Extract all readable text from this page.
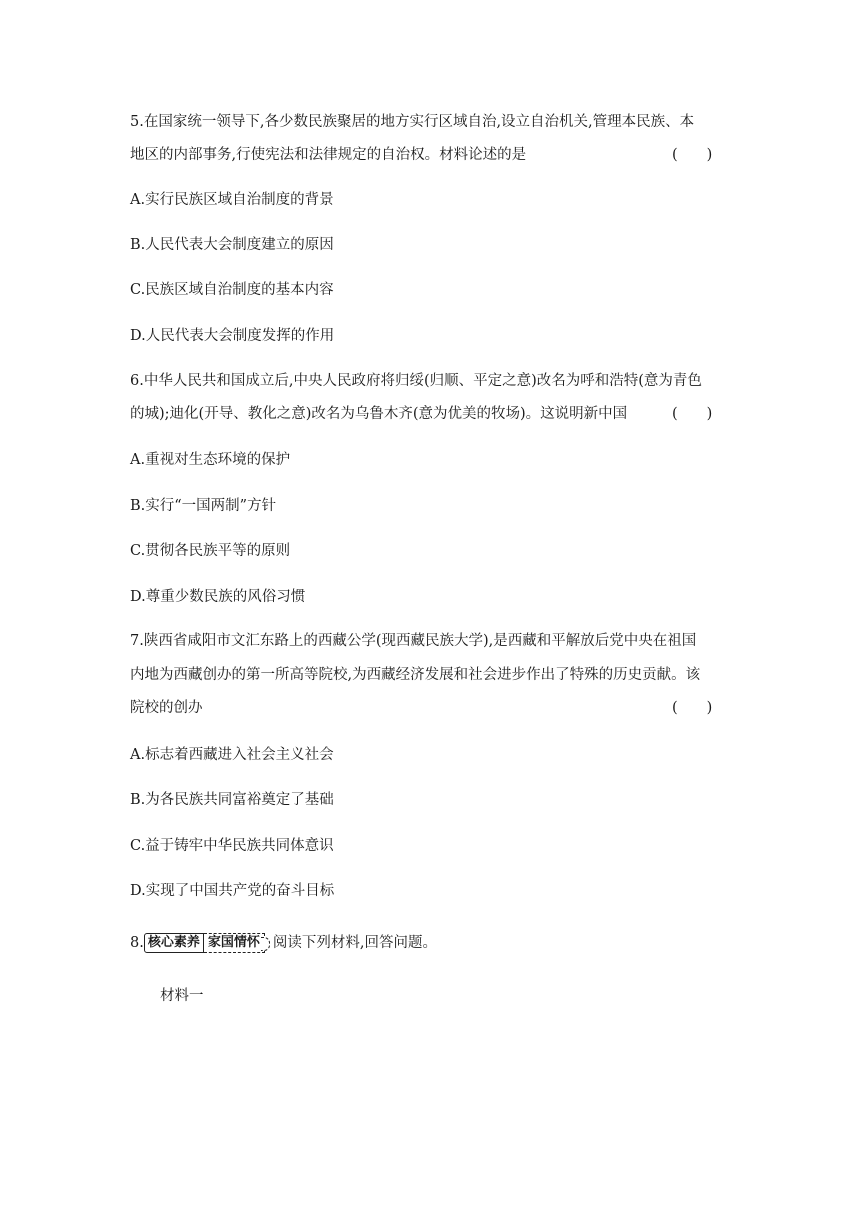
5.在国家统一领导下,各少数民族聚居的地方实行区域自治,设立自治机关,管理本民族、本
地区的内部事务,行使宪法和法律规定的自治权。材料论述的是	(　　)
A.实行民族区域自治制度的背景
B.人民代表大会制度建立的原因
C.民族区域自治制度的基本内容
D.人民代表大会制度发挥的作用
6.中华人民共和国成立后,中央人民政府将归绥(归顺、平定之意)改名为呼和浩特(意为青色
的城);迪化(开导、教化之意)改名为乌鲁木齐(意为优美的牧场)。这说明新中国	(　　)
A.重视对生态环境的保护
B.实行“一国两制”方针
C.贯彻各民族平等的原则
D.尊重少数民族的风俗习惯
7.陕西省咸阳市文汇东路上的西藏公学(现西藏民族大学),是西藏和平解放后党中央在祖国
内地为西藏创办的第一所高等院校,为西藏经济发展和社会进步作出了特殊的历史贡献。该
院校的创办	(　　)
A.标志着西藏进入社会主义社会
B.为各民族共同富裕奠定了基础
C.益于铸牢中华民族共同体意识
D.实现了中国共产党的奋斗目标
8. 核心素养 家国情怀 阅读下列材料,回答问题。
材料一
